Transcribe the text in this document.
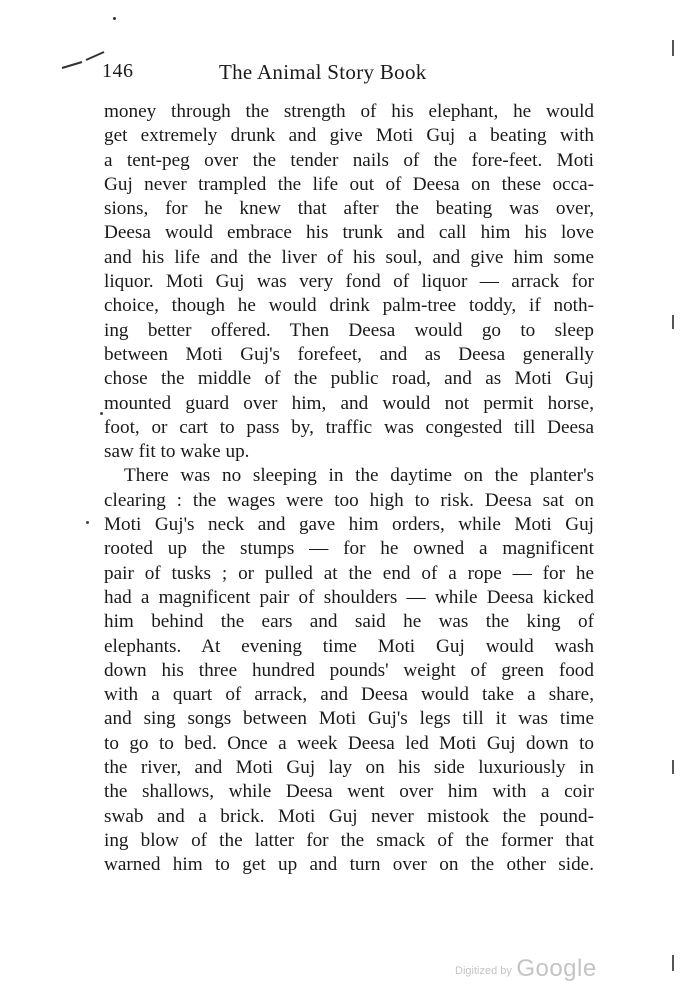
146	The Animal Story Book
money through the strength of his elephant, he would
get extremely drunk and give Moti Guj a beating with
a tent-peg over the tender nails of the fore-feet. Moti
Guj never trampled the life out of Deesa on these occa-
sions, for he knew that after the beating was over,
Deesa would embrace his trunk and call him his love
and his life and the liver of his soul, and give him some
liquor. Moti Guj was very fond of liquor — arrack for
choice, though he would drink palm-tree toddy, if noth-
ing better offered. Then Deesa would go to sleep
between Moti Guj's forefeet, and as Deesa generally
chose the middle of the public road, and as Moti Guj
mounted guard over him, and would not permit horse,
foot, or cart to pass by, traffic was congested till Deesa
saw fit to wake up.
There was no sleeping in the daytime on the planter's
clearing : the wages were too high to risk. Deesa sat on
Moti Guj's neck and gave him orders, while Moti Guj
rooted up the stumps — for he owned a magnificent
pair of tusks ; or pulled at the end of a rope — for he
had a magnificent pair of shoulders — while Deesa kicked
him behind the ears and said he was the king of
elephants. At evening time Moti Guj would wash
down his three hundred pounds' weight of green food
with a quart of arrack, and Deesa would take a share,
and sing songs between Moti Guj's legs till it was time
to go to bed. Once a week Deesa led Moti Guj down to
the river, and Moti Guj lay on his side luxuriously in
the shallows, while Deesa went over him with a coir
swab and a brick. Moti Guj never mistook the pound-
ing blow of the latter for the smack of the former that
warned him to get up and turn over on the other side.
Digitized by Google
